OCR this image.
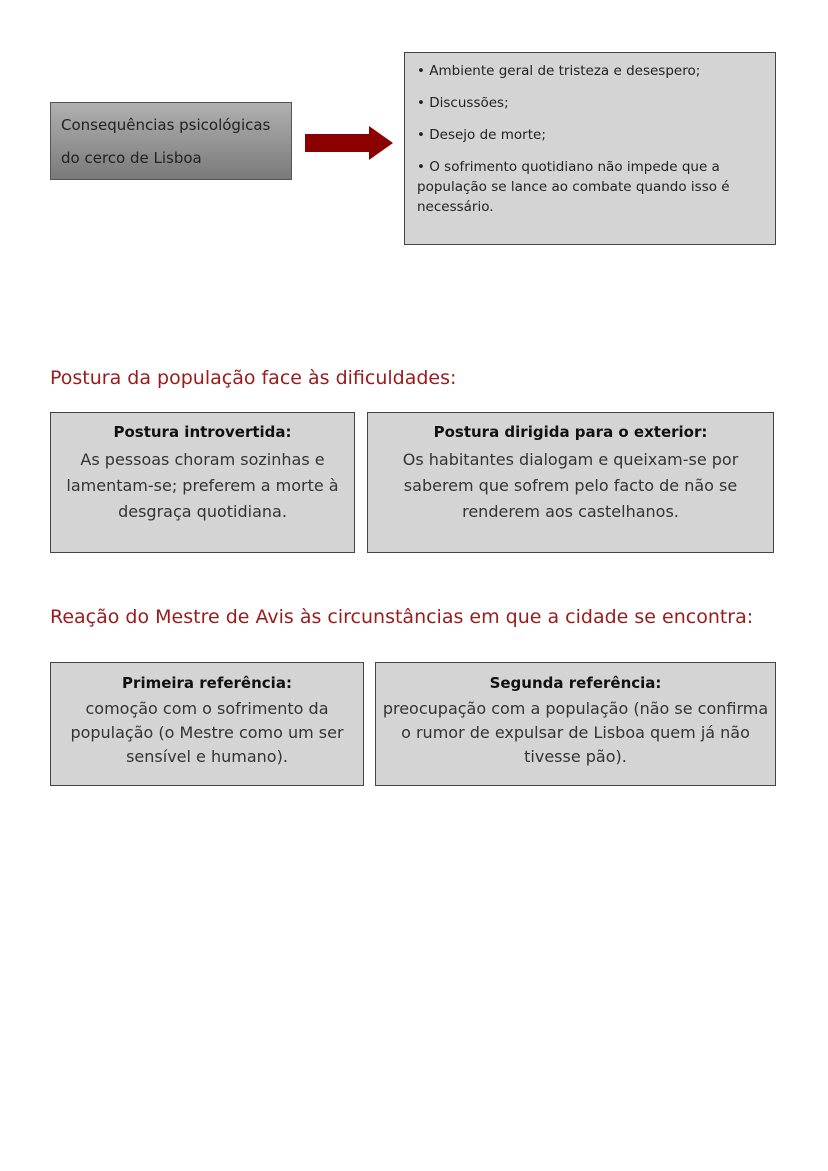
Consequências psicológicas
do cerco de Lisboa

• Ambiente geral de tristeza e desespero;

• Discussões;

• Desejo de morte;

• O sofrimento quotidiano não impede que a população se lance ao combate quando isso é necessário.

Postura da população face às dificuldades:
Postura introvertida:
As pessoas choram sozinhas e lamentam-se; preferem a morte à desgraça quotidiana.
Postura dirigida para o exterior:
Os habitantes dialogam e queixam-se por saberem que sofrem pelo facto de não se renderem aos castelhanos.
Reação do Mestre de Avis às circunstâncias em que a cidade se encontra:
Primeira referência:
comoção com o sofrimento da população (o Mestre como um ser sensível e humano).
Segunda referência:
preocupação com a população (não se confirma o rumor de expulsar de Lisboa quem já não tivesse pão).
